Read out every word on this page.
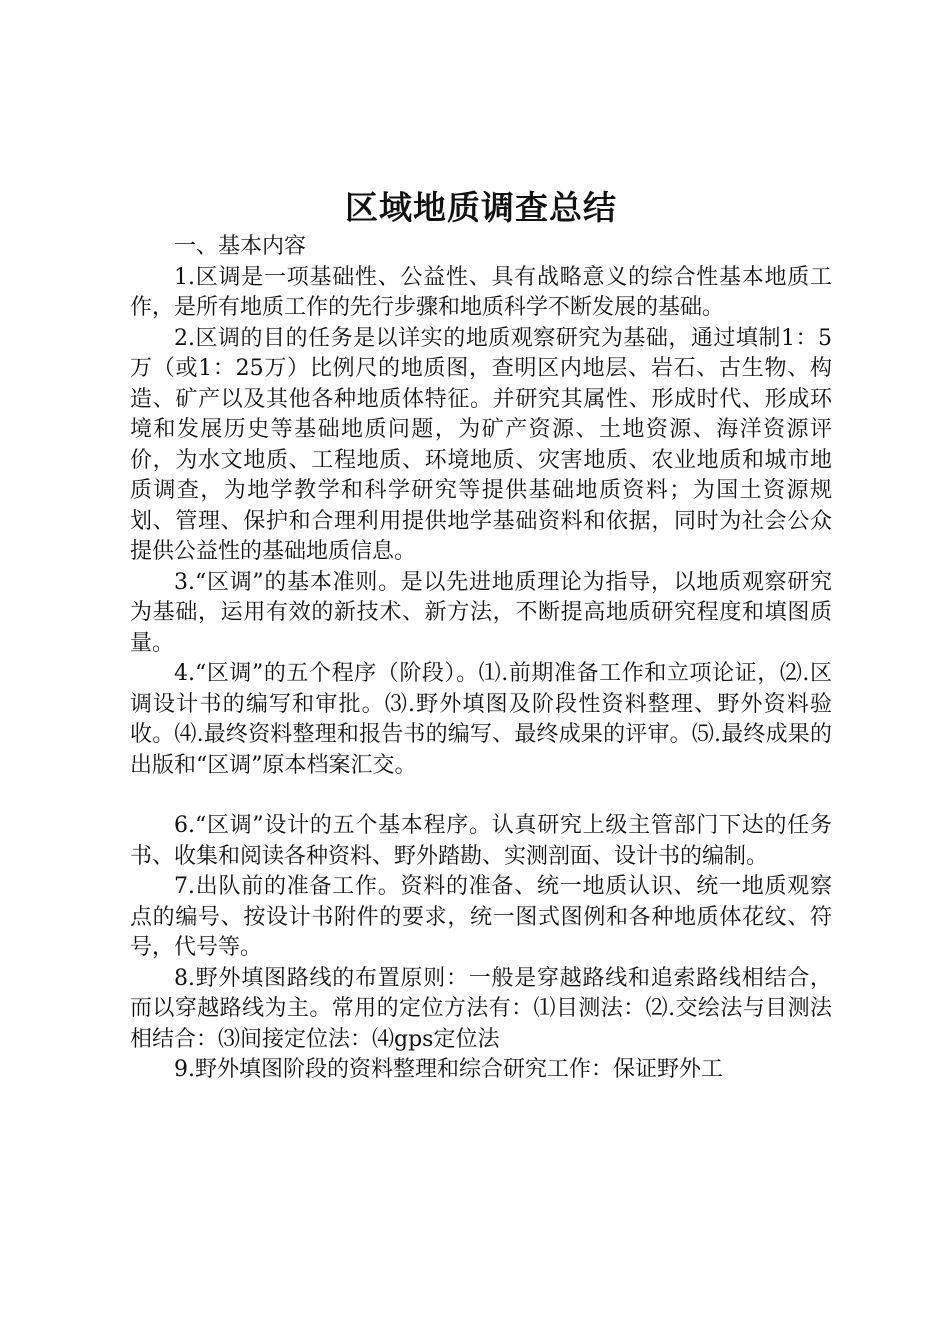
区域地质调查总结

一、基本内容

1.区调是一项基础性、公益性、具有战略意义的综合性基本地质工作，是所有地质工作的先行步骤和地质科学不断发展的基础。

2.区调的目的任务是以详实的地质观察研究为基础，通过填制1：5万（或1：25万）比例尺的地质图，查明区内地层、岩石、古生物、构造、矿产以及其他各种地质体特征。并研究其属性、形成时代、形成环境和发展历史等基础地质问题，为矿产资源、土地资源、海洋资源评价，为水文地质、工程地质、环境地质、灾害地质、农业地质和城市地质调查，为地学教学和科学研究等提供基础地质资料；为国土资源规划、管理、保护和合理利用提供地学基础资料和依据，同时为社会公众提供公益性的基础地质信息。

3.“区调”的基本准则。是以先进地质理论为指导，以地质观察研究为基础，运用有效的新技术、新方法，不断提高地质研究程度和填图质量。

4.“区调”的五个程序（阶段）。⑴.前期准备工作和立项论证，⑵.区调设计书的编写和审批。⑶.野外填图及阶段性资料整理、野外资料验收。⑷.最终资料整理和报告书的编写、最终成果的评审。⑸.最终成果的出版和“区调”原本档案汇交。

6.“区调”设计的五个基本程序。认真研究上级主管部门下达的任务书、收集和阅读各种资料、野外踏勘、实测剖面、设计书的编制。

7.出队前的准备工作。资料的准备、统一地质认识、统一地质观察点的编号、按设计书附件的要求，统一图式图例和各种地质体花纹、符号，代号等。

8.野外填图路线的布置原则：一般是穿越路线和追索路线相结合，而以穿越路线为主。常用的定位方法有：⑴目测法：⑵.交绘法与目测法相结合：⑶间接定位法：⑷gps定位法

9.野外填图阶段的资料整理和综合研究工作：保证野外工
